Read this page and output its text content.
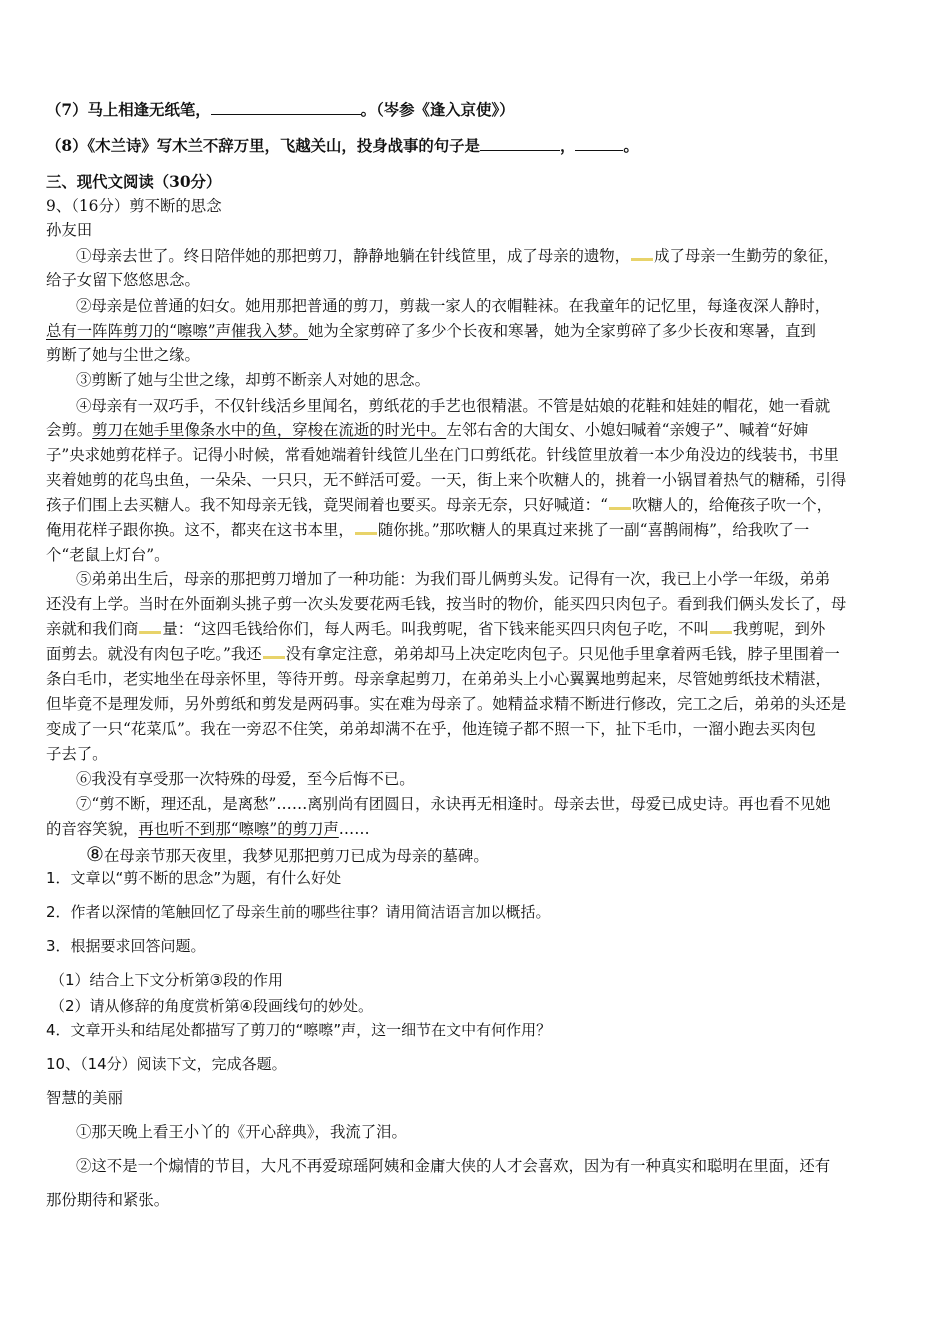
（7）马上相逢无纸笔，	。（岑参《逢入京使》）
（8）《木兰诗》写木兰不辞万里，飞越关山，投身战事的句子是	，	。
三、现代文阅读（30分）
9、（16分）剪不断的思念
孙友田
①母亲去世了。终日陪伴她的那把剪刀，静静地躺在针线笸里，成了母亲的遗物， 成了母亲一生勤劳的象征，
给子女留下悠悠思念。
②母亲是位普通的妇女。她用那把普通的剪刀，剪裁一家人的衣帽鞋袜。在我童年的记忆里，每逢夜深人静时，
总有一阵阵剪刀的“嚓嚓”声催我入梦。她为全家剪碎了多少个长夜和寒暑，她为全家剪碎了多少长夜和寒暑，直到
剪断了她与尘世之缘。
③剪断了她与尘世之缘，却剪不断亲人对她的思念。
④母亲有一双巧手，不仅针线活乡里闻名，剪纸花的手艺也很精湛。不管是姑娘的花鞋和娃娃的帽花，她一看就
会剪。剪刀在她手里像条水中的鱼，穿梭在流逝的时光中。左邻右舍的大闺女、小媳妇喊着“亲嫂子”、喊着“好婶
子”央求她剪花样子。记得小时候，常看她端着针线笸儿坐在门口剪纸花。针线笸里放着一本少角没边的线装书，书里
夹着她剪的花鸟虫鱼，一朵朵、一只只，无不鲜活可爱。一天，街上来个吹糖人的，挑着一小锅冒着热气的糖稀，引得
孩子们围上去买糖人。我不知母亲无钱，竟哭闹着也要买。母亲无奈，只好喊道：“ 吹糖人的，给俺孩子吹一个，
俺用花样子跟你换。这不，都夹在这书本里， 随你挑。”那吹糖人的果真过来挑了一副“喜鹊闹梅”，给我吹了一
个“老鼠上灯台”。
⑤弟弟出生后，母亲的那把剪刀增加了一种功能：为我们哥儿俩剪头发。记得有一次，我已上小学一年级，弟弟
还没有上学。当时在外面剃头挑子剪一次头发要花两毛钱，按当时的物价，能买四只肉包子。看到我们俩头发长了，母
亲就和我们商 量：“这四毛钱给你们，每人两毛。叫我剪呢，省下钱来能买四只肉包子吃，不叫 我剪呢，到外
面剪去。就没有肉包子吃。”我还 没有拿定注意，弟弟却马上决定吃肉包子。只见他手里拿着两毛钱，脖子里围着一
条白毛巾，老实地坐在母亲怀里，等待开剪。母亲拿起剪刀，在弟弟头上小心翼翼地剪起来，尽管她剪纸技术精湛，
但毕竟不是理发师，另外剪纸和剪发是两码事。实在难为母亲了。她精益求精不断进行修改，完工之后，弟弟的头还是
变成了一只“花菜瓜”。我在一旁忍不住笑，弟弟却满不在乎，他连镜子都不照一下，扯下毛巾，一溜小跑去买肉包
子去了。
⑥我没有享受那一次特殊的母爱，至今后悔不已。
⑦“剪不断，理还乱，是离愁”……离别尚有团圆日，永诀再无相逢时。母亲去世，母爱已成史诗。再也看不见她
的音容笑貌，再也听不到那“嚓嚓”的剪刀声……
⑧在母亲节那天夜里，我梦见那把剪刀已成为母亲的墓碑。
1．文章以“剪不断的思念”为题，有什么好处
2．作者以深情的笔触回忆了母亲生前的哪些往事？请用简洁语言加以概括。
3．根据要求回答问题。
（1）结合上下文分析第③段的作用
（2）请从修辞的角度赏析第④段画线句的妙处。
4．文章开头和结尾处都描写了剪刀的“嚓嚓”声，这一细节在文中有何作用？
10、（14分）阅读下文，完成各题。
智慧的美丽
①那天晚上看王小丫的《开心辞典》，我流了泪。
②这不是一个煽情的节目，大凡不再爱琼瑶阿姨和金庸大侠的人才会喜欢，因为有一种真实和聪明在里面，还有
那份期待和紧张。
